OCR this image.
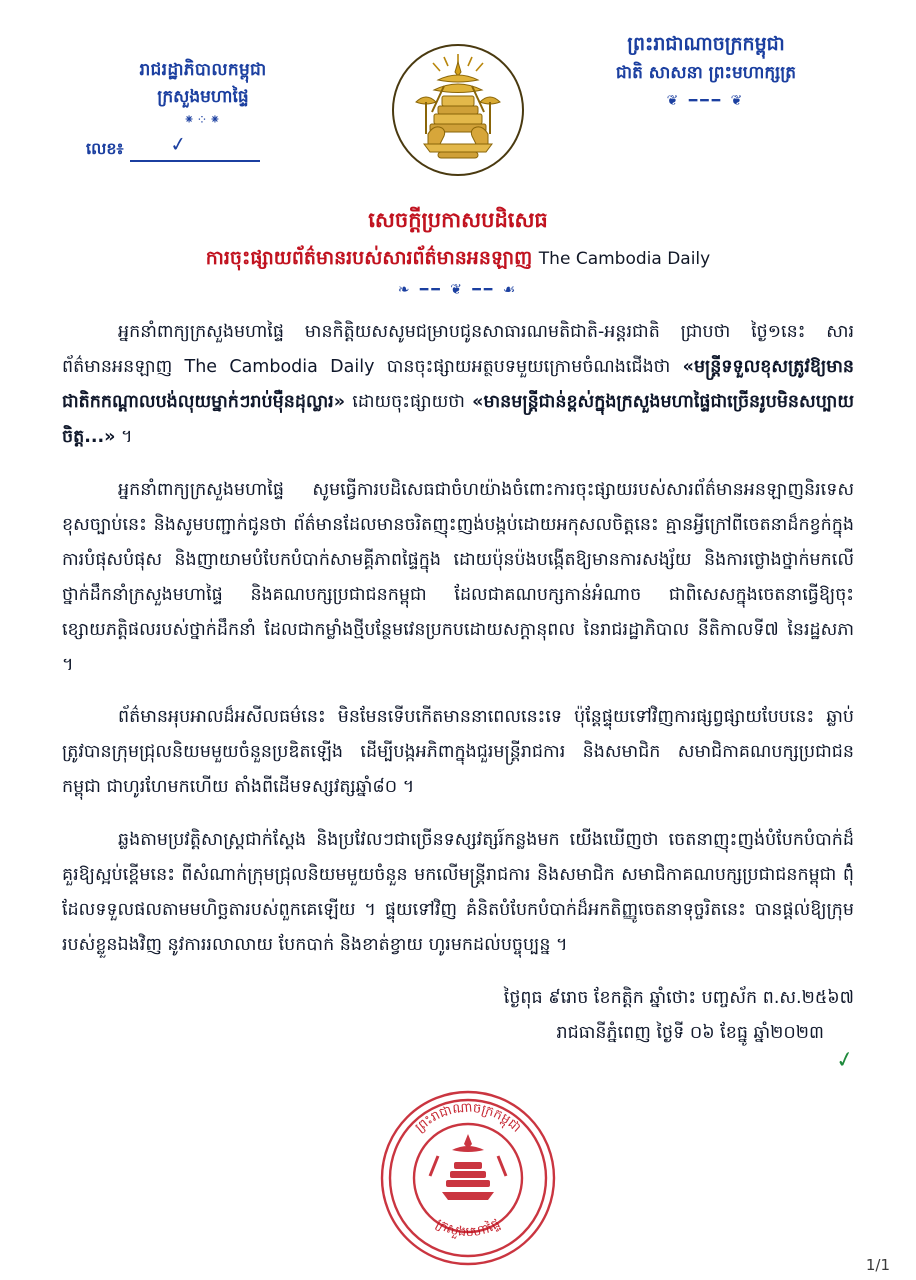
រាជរដ្ឋាភិបាលកម្ពុជា
ក្រសួងមហាផ្ទៃ
⁕⁘⁕
លេខ៖ ✓
ព្រះរាជាណាចក្រកម្ពុជា
ជាតិ សាសនា ព្រះមហាក្សត្រ
❦ ━━━ ❦
សេចក្ដីប្រកាសបដិសេធ
ការចុះផ្សាយព័ត៌មានរបស់សារព័ត៌មានអនឡាញ The Cambodia Daily
❧ ━━ ❦ ━━ ☙

អ្នកនាំពាក្យក្រសួងមហាផ្ទៃ មានកិត្តិយសសូមជម្រាបជូនសាធារណមតិជាតិ-អន្តរជាតិ ជ្រាបថា ថ្ងៃ១នេះ សារព័ត៌មានអនឡាញ The Cambodia Daily បានចុះផ្សាយអត្ថបទមួយក្រោមចំណងជើងថា «មន្ត្រីទទួលខុសត្រូវឱ្យមានជាតិកកណ្ដាលបង់លុយម្នាក់ៗរាប់ម៉ឺនដុល្លារ» ដោយចុះផ្សាយថា «មានមន្ត្រីជាន់ខ្ពស់ក្នុងក្រសួងមហាផ្ទៃជាច្រើនរូបមិនសប្បាយចិត្ត...» ។

អ្នកនាំពាក្យក្រសួងមហាផ្ទៃ សូមធ្វើការបដិសេធជាចំហយ៉ាងចំពោះការចុះផ្សាយរបស់សារព័ត៌មានអនឡាញនិរទេសខុសច្បាប់នេះ និងសូមបញ្ជាក់ជូនថា ព័ត៌មានដែលមានចរិតញុះញង់បង្កប់ដោយអកុសលចិត្តនេះ គ្មានអ្វីក្រៅពីចេតនាដ៏កខ្វក់ក្នុងការបំផុសបំផុស និងញាយាមបំបែកបំបាក់សាមគ្គីភាពផ្ទៃក្នុង ដោយប៉ុនប៉ងបង្កើតឱ្យមានការសង្ស័យ និងការថ្លោងថ្នាក់មកលើថ្នាក់ដឹកនាំក្រសួងមហាផ្ទៃ និងគណបក្សប្រជាជនកម្ពុជា ដែលជាគណបក្សកាន់អំណាច ជាពិសេសក្នុងចេតនាធ្វើឱ្យចុះខ្សោយភតិ្តផលរបស់ថ្នាក់ដឹកនាំ ដែលជាកម្លាំងថ្មីបន្ថែមវេនប្រកបដោយសក្ដានុពល នៃរាជរដ្ឋាភិបាល នីតិកាលទី៧ នៃរដ្ឋសភា ។

ព័ត៌មានអុបអាលដ៏អសីលធម៌នេះ មិនមែនទើបកើតមាននាពេលនេះទេ ប៉ុន្តែផ្ទុយទៅវិញការផ្សព្វផ្សាយបែបនេះ ឆ្លាប់ត្រូវបានក្រុមជ្រុលនិយមមួយចំនួនប្រឌិតឡើង ដើម្បីបង្កអភិពាក្នុងជួរមន្ត្រីរាជការ និងសមាជិក សមាជិកាគណបក្សប្រជាជនកម្ពុជា ជាហូរហែមកហើយ តាំងពីដើមទស្សវត្សឆ្នាំ៨០ ។

ឆ្លងតាមប្រវត្តិសាស្ត្រជាក់ស្ដែង និងប្រវែលៗជាច្រើនទស្សវត្សរ៍កន្លងមក យើងឃើញថា ចេតនាញុះញង់បំបែកបំបាក់ដ៏គួរឱ្យស្អប់ខ្ពើមនេះ ពីសំណាក់ក្រុមជ្រុលនិយមមួយចំនួន មកលើមន្ត្រីរាជការ និងសមាជិក សមាជិកាគណបក្សប្រជាជនកម្ពុជា ព៌ុំដែលទទួលផលតាមមហិច្ឆតារបស់ពួកគេឡើយ ។ ផ្ទុយទៅវិញ គំនិតបំបែកបំបាក់ដ៏អកតិញ្ញូចេតនាទុច្ចរិតនេះ បានផ្ដល់ឱ្យក្រុមរបស់ខ្លួនឯងវិញ នូវការរលាលាយ បែកបាក់ និងខាត់ខ្វាយ ហូរមកដល់បច្ចុប្បន្ន ។

ថ្ងៃពុធ ៩រោច ខែកត្តិក ឆ្នាំថោះ បញ្ចស័ក ព.ស.២៥៦៧
រាជធានីភ្នំពេញ ថ្ងៃទី ០៦ ខែធ្នូ ឆ្នាំ២០២៣
✓
ព្រះរាជាណាចក្រកម្ពុជា
ក្រសួងមហាផ្ទៃ
1/1
